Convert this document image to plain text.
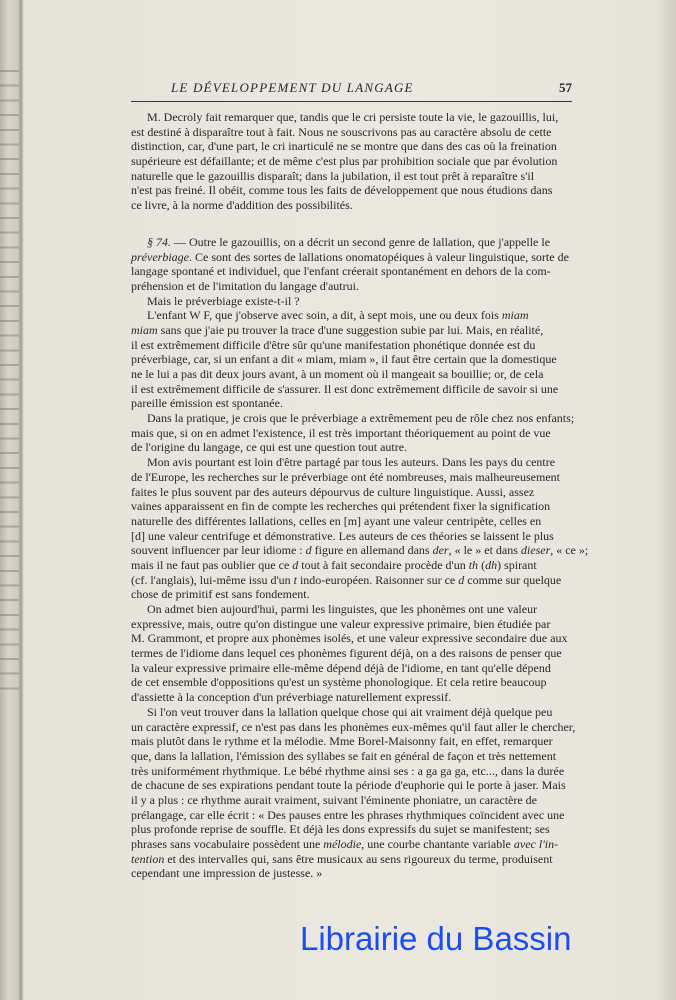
LE DÉVELOPPEMENT DU LANGAGE	57
M. Decroly fait remarquer que, tandis que le cri persiste toute la vie, le gazouillis, lui,
est destiné à disparaître tout à fait. Nous ne souscrivons pas au caractère absolu de cette
distinction, car, d'une part, le cri inarticulé ne se montre que dans des cas où la freination
supérieure est défaillante; et de même c'est plus par prohibition sociale que par évolution
naturelle que le gazouillis disparaît; dans la jubilation, il est tout prêt à reparaître s'il
n'est pas freiné. Il obéit, comme tous les faits de développement que nous étudions dans
ce livre, à la norme d'addition des possibilités.
§ 74. — Outre le gazouillis, on a décrit un second genre de lallation, que j'appelle le
préverbiage. Ce sont des sortes de lallations onomatopéiques à valeur linguistique, sorte de
langage spontané et individuel, que l'enfant créerait spontanément en dehors de la com-
préhension et de l'imitation du langage d'autrui.
Mais le préverbiage existe-t-il ?
L'enfant W F, que j'observe avec soin, a dit, à sept mois, une ou deux fois miam
miam sans que j'aie pu trouver la trace d'une suggestion subie par lui. Mais, en réalité,
il est extrêmement difficile d'être sûr qu'une manifestation phonétique donnée est du
préverbiage, car, si un enfant a dit « miam, miam », il faut être certain que la domestique
ne le lui a pas dit deux jours avant, à un moment où il mangeait sa bouillie; or, de cela
il est extrêmement difficile de s'assurer. Il est donc extrêmement difficile de savoir si une
pareille émission est spontanée.
Dans la pratique, je crois que le préverbiage a extrêmement peu de rôle chez nos enfants;
mais que, si on en admet l'existence, il est très important théoriquement au point de vue
de l'origine du langage, ce qui est une question tout autre.
Mon avis pourtant est loin d'être partagé par tous les auteurs. Dans les pays du centre
de l'Europe, les recherches sur le préverbiage ont été nombreuses, mais malheureusement
faites le plus souvent par des auteurs dépourvus de culture linguistique. Aussi, assez
vaines apparaissent en fin de compte les recherches qui prétendent fixer la signification
naturelle des différentes lallations, celles en [m] ayant une valeur centripète, celles en
[d] une valeur centrifuge et démonstrative. Les auteurs de ces théories se laissent le plus
souvent influencer par leur idiome : d figure en allemand dans der, « le » et dans dieser, « ce »;
mais il ne faut pas oublier que ce d tout à fait secondaire procède d'un th (dh) spirant
(cf. l'anglais), lui-même issu d'un t indo-européen. Raisonner sur ce d comme sur quelque
chose de primitif est sans fondement.
On admet bien aujourd'hui, parmi les linguistes, que les phonèmes ont une valeur
expressive, mais, outre qu'on distingue une valeur expressive primaire, bien étudiée par
M. Grammont, et propre aux phonèmes isolés, et une valeur expressive secondaire due aux
termes de l'idiome dans lequel ces phonèmes figurent déjà, on a des raisons de penser que
la valeur expressive primaire elle-même dépend déjà de l'idiome, en tant qu'elle dépend
de cet ensemble d'oppositions qu'est un système phonologique. Et cela retire beaucoup
d'assiette à la conception d'un préverbiage naturellement expressif.
Si l'on veut trouver dans la lallation quelque chose qui ait vraiment déjà quelque peu
un caractère expressif, ce n'est pas dans les phonèmes eux-mêmes qu'il faut aller le chercher,
mais plutôt dans le rythme et la mélodie. Mme Borel-Maisonny fait, en effet, remarquer
que, dans la lallation, l'émission des syllabes se fait en général de façon et très nettement
très uniformément rhythmique. Le bébé rhythme ainsi ses : a ga ga ga, etc..., dans la durée
de chacune de ses expirations pendant toute la période d'euphorie qui le porte à jaser. Mais
il y a plus : ce rhythme aurait vraiment, suivant l'éminente phoniatre, un caractère de
prélangage, car elle écrit : « Des pauses entre les phrases rhythmiques coïncident avec une
plus profonde reprise de souffle. Et déjà les dons expressifs du sujet se manifestent; ses
phrases sans vocabulaire possèdent une mélodie, une courbe chantante variable avec l'in-
tention et des intervalles qui, sans être musicaux au sens rigoureux du terme, produisent
cependant une impression de justesse. »
Librairie du Bassin
